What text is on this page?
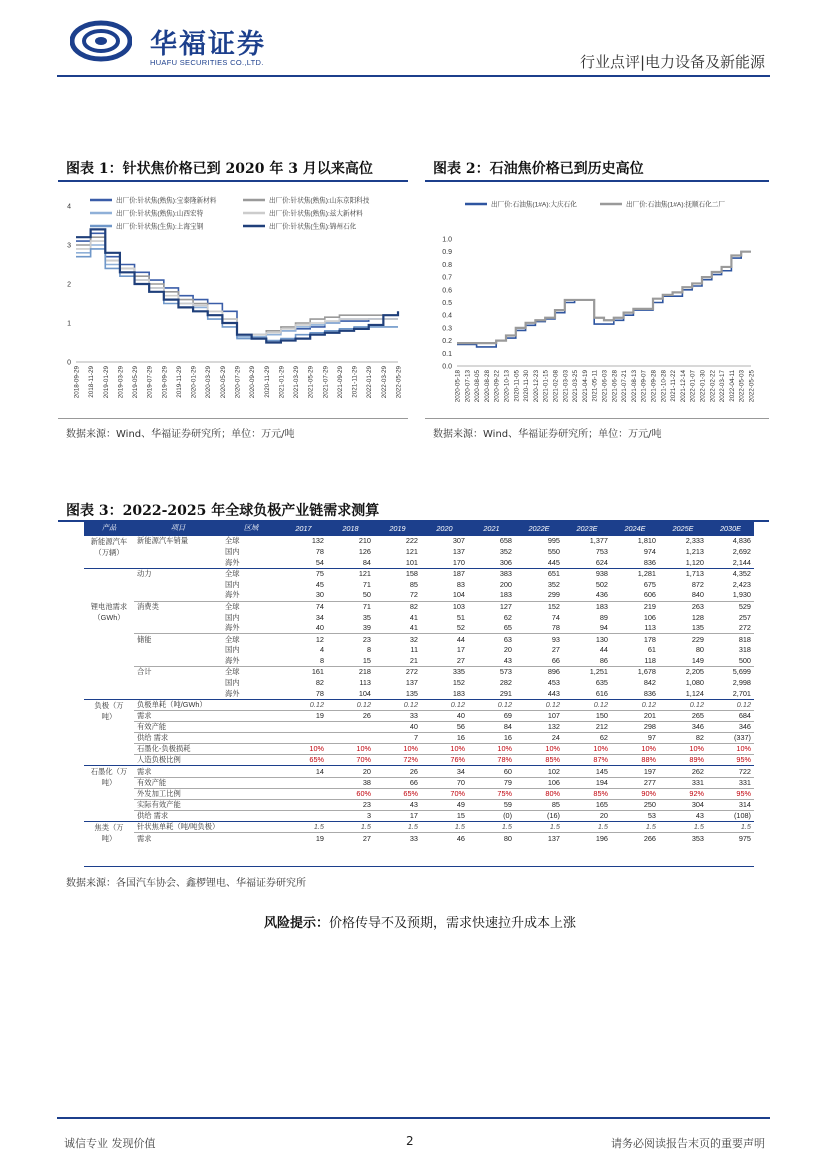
华福证券
HUAFU SECURITIES CO.,LTD.	行业点评|电力设备及新能源
图表 1：针状焦价格已到 2020 年 3 月以来高位
0
1
2
3
4
2018-09-29 2018-11-29 2019-01-29 2019-03-29 2019-05-29 2019-07-29 2019-09-29 2019-11-29 2020-01-29 2020-03-29 2020-05-29 2020-07-29 2020-09-29 2020-11-29 2021-01-29 2021-03-29 2021-05-29 2021-07-29 2021-09-29 2021-11-29 2022-01-29 2022-03-29 2022-05-29
出厂价:针状焦(熟焦):宝泰隆新材料	出厂价:针状焦(熟焦):山东京阳科技
出厂价:针状焦(熟焦):山西宏特	出厂价:针状焦(熟焦):兹大新材料
出厂价:针状焦(生焦):上海宝钢	出厂价:针状焦(生焦):锦州石化
数据来源：Wind、华福证券研究所；单位：万元/吨
图表 2：石油焦价格已到历史高位
0.0
0.1
0.2
0.3
0.4
0.5
0.6
0.7
0.8
0.9
1.0
2020-05-18 2020-07-13 2020-08-05 2020-08-28 2020-09-22 2020-10-13 2020-11-05 2020-11-30 2020-12-23 2021-01-15 2021-02-08 2021-03-03 2021-03-25 2021-04-19 2021-05-11 2021-06-03 2021-06-28 2021-07-21 2021-08-13 2021-09-07 2021-09-28 2021-10-28 2021-11-22 2021-12-14 2022-01-07 2022-01-30 2022-02-22 2022-03-17 2022-04-11 2022-05-03 2022-05-25
出厂价:石油焦(1#A):大庆石化	出厂价:石油焦(1#A):抚顺石化二厂
数据来源：Wind、华福证券研究所；单位：万元/吨
图表 3：2022-2025 年全球负极产业链需求测算
产品	项目	区域	2017	2018	2019	2020	2021	2022E	2023E	2024E	2025E	2030E
新能源汽车	新能源汽车销量	全球	132	210	222	307	658	995	1,377	1,810	2,333	4,836
（万辆）		国内	78	126	121	137	352	550	753	974	1,213	2,692
		海外	54	84	101	170	306	445	624	836	1,120	2,144
	动力	全球	75	121	158	187	383	651	938	1,281	1,713	4,352
		国内	45	71	85	83	200	352	502	675	872	2,423
		海外	30	50	72	104	183	299	436	606	840	1,930
锂电池需求	消费类	全球	74	71	82	103	127	152	183	219	263	529
（GWh）		国内	34	35	41	51	62	74	89	106	128	257
		海外	40	39	41	52	65	78	94	113	135	272
	储能	全球	12	23	32	44	63	93	130	178	229	818
		国内	4	8	11	17	20	27	44	61	80	318
		海外	8	15	21	27	43	66	86	118	149	500
	合计	全球	161	218	272	335	573	896	1,251	1,678	2,205	5,699
		国内	82	113	137	152	282	453	635	842	1,080	2,998
		海外	78	104	135	183	291	443	616	836	1,124	2,701
负极（万	负极单耗（吨/GWh）		0.12	0.12	0.12	0.12	0.12	0.12	0.12	0.12	0.12	0.12
吨）	需求		19	26	33	40	69	107	150	201	265	684
	有效产能				40	56	84	132	212	298	346	346
	供给 需求				7	16	16	24	62	97	82	(337)
	石墨化-负极损耗		10%	10%	10%	10%	10%	10%	10%	10%	10%	10%
	人造负极比例		65%	70%	72%	76%	78%	85%	87%	88%	89%	95%
石墨化（万	需求		14	20	26	34	60	102	145	197	262	722
吨）	有效产能			38	66	70	79	106	194	277	331	331
	外发加工比例			60%	65%	70%	75%	80%	85%	90%	92%	95%
	实际有效产能			23	43	49	59	85	165	250	304	314
	供给 需求			3	17	15	(0)	(16)	20	53	43	(108)
焦类（万	针状焦单耗（吨/吨负极）		1.5	1.5	1.5	1.5	1.5	1.5	1.5	1.5	1.5	1.5
吨）	需求		19	27	33	46	80	137	196	266	353	975
数据来源：各国汽车协会、鑫椤锂电、华福证券研究所
风险提示：价格传导不及预期，需求快速拉升成本上涨
诚信专业 发现价值	2	请务必阅读报告末页的重要声明
